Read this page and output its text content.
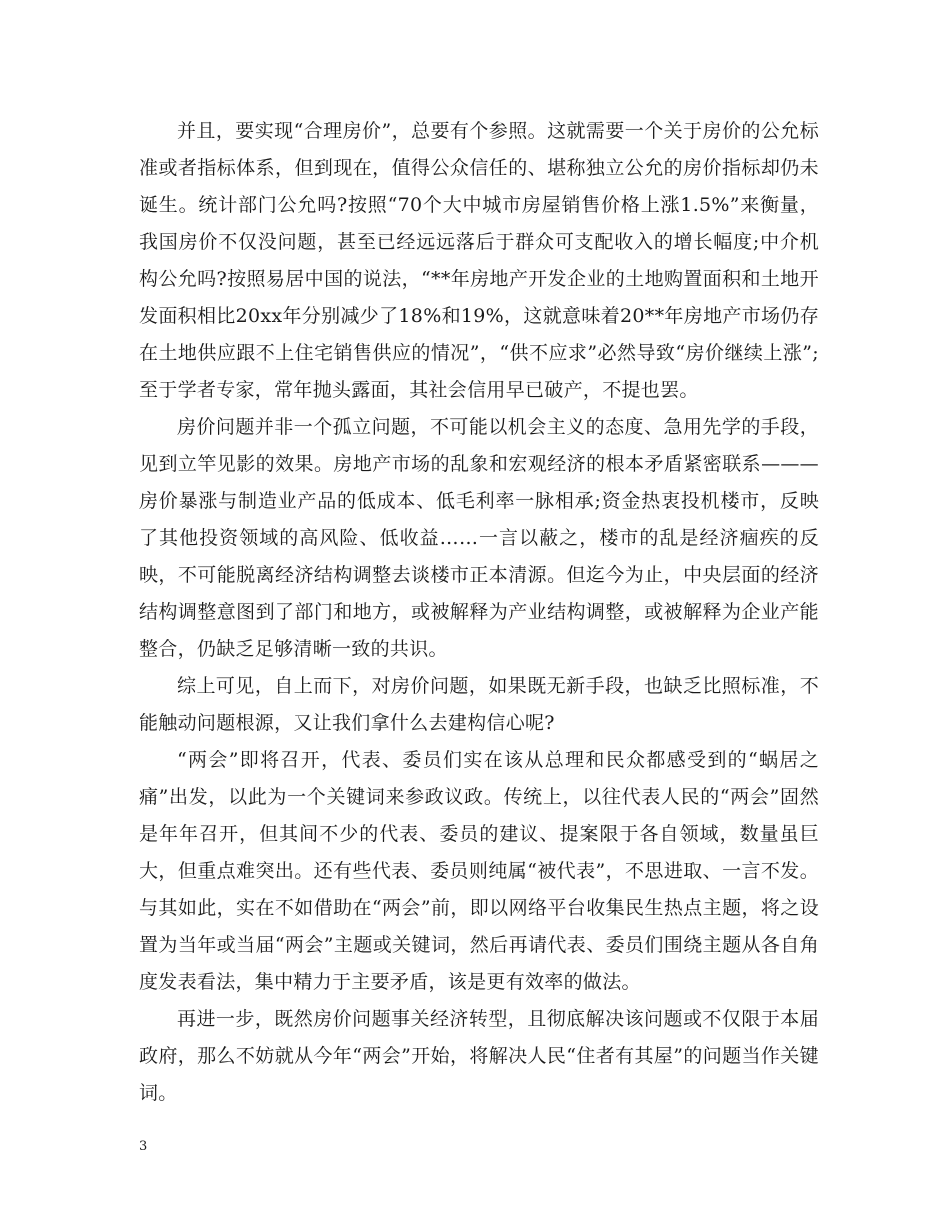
并且，要实现“合理房价”，总要有个参照。这就需要一个关于房价的公允标准或者指标体系，但到现在，值得公众信任的、堪称独立公允的房价指标却仍未诞生。统计部门公允吗?按照“70个大中城市房屋销售价格上涨1.5%”来衡量，我国房价不仅没问题，甚至已经远远落后于群众可支配收入的增长幅度;中介机构公允吗?按照易居中国的说法，“**年房地产开发企业的土地购置面积和土地开发面积相比20xx年分别减少了18%和19%，这就意味着20**年房地产市场仍存在土地供应跟不上住宅销售供应的情况”，“供不应求”必然导致“房价继续上涨”;至于学者专家，常年抛头露面，其社会信用早已破产，不提也罢。

房价问题并非一个孤立问题，不可能以机会主义的态度、急用先学的手段，见到立竿见影的效果。房地产市场的乱象和宏观经济的根本矛盾紧密联系———房价暴涨与制造业产品的低成本、低毛利率一脉相承;资金热衷投机楼市，反映了其他投资领域的高风险、低收益……一言以蔽之，楼市的乱是经济痼疾的反映，不可能脱离经济结构调整去谈楼市正本清源。但迄今为止，中央层面的经济结构调整意图到了部门和地方，或被解释为产业结构调整，或被解释为企业产能整合，仍缺乏足够清晰一致的共识。

综上可见，自上而下，对房价问题，如果既无新手段，也缺乏比照标准，不能触动问题根源，又让我们拿什么去建构信心呢?

“两会”即将召开，代表、委员们实在该从总理和民众都感受到的“蜗居之痛”出发，以此为一个关键词来参政议政。传统上，以往代表人民的“两会”固然是年年召开，但其间不少的代表、委员的建议、提案限于各自领域，数量虽巨大，但重点难突出。还有些代表、委员则纯属“被代表”，不思进取、一言不发。与其如此，实在不如借助在“两会”前，即以网络平台收集民生热点主题，将之设置为当年或当届“两会”主题或关键词，然后再请代表、委员们围绕主题从各自角度发表看法，集中精力于主要矛盾，该是更有效率的做法。

再进一步，既然房价问题事关经济转型，且彻底解决该问题或不仅限于本届政府，那么不妨就从今年“两会”开始，将解决人民“住者有其屋”的问题当作关键词。

3
